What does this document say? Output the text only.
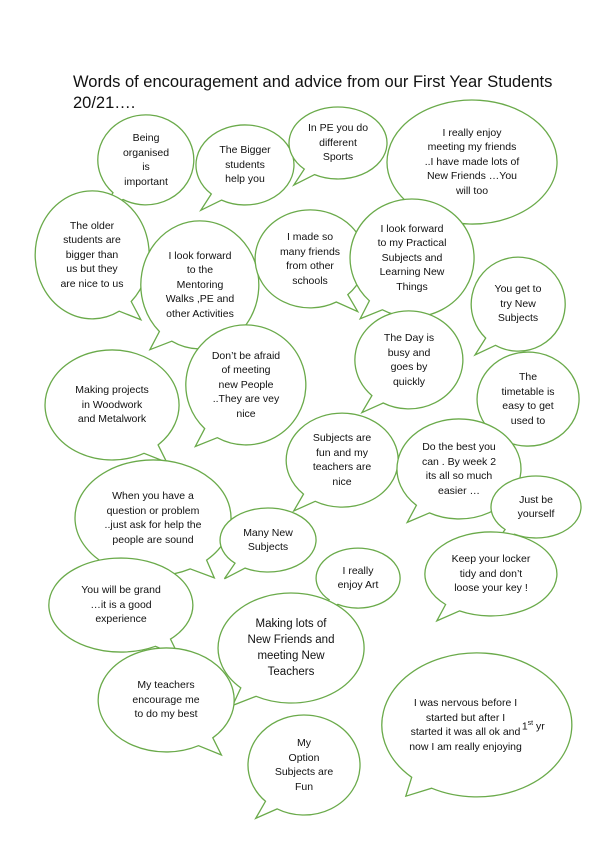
Words of encouragement and advice from our First Year Students 20/21….
Being
organised
is
important
The Bigger
students
help you
In PE you do
different
Sports
I really enjoy
meeting my friends
..I have made lots of
New Friends …You
will too
The older
students are
bigger than
us but they
are nice to us
I look forward
to the
Mentoring
Walks ,PE and
other Activities
I made so
many friends
from other
schools
I look forward
to my Practical
Subjects and
Learning New
Things	You get to
try New
Subjects
Making projects
in Woodwork
and Metalwork
Don’t be afraid
of meeting
new People
..They are vey
nice
The Day is
busy and
goes by
quickly	The
timetable is
easy to get
used to
Subjects are
fun and my
teachers are
nice
Do the best you
can . By week 2
its all so much
easier …
When you have a
question or problem
..just ask for help the
people are sound
Many New
Subjects
Just be
yourself
I really
enjoy Art
Keep your locker
tidy and don’t
loose your key !
You will be grand
…it is a good
experience	Making lots of
New Friends and
meeting New
Teachers
My teachers
encourage me
to do my best
I was nervous before I
started but after I
started it was all ok and
now I am really enjoying

1st yr
My
Option
Subjects are
Fun
